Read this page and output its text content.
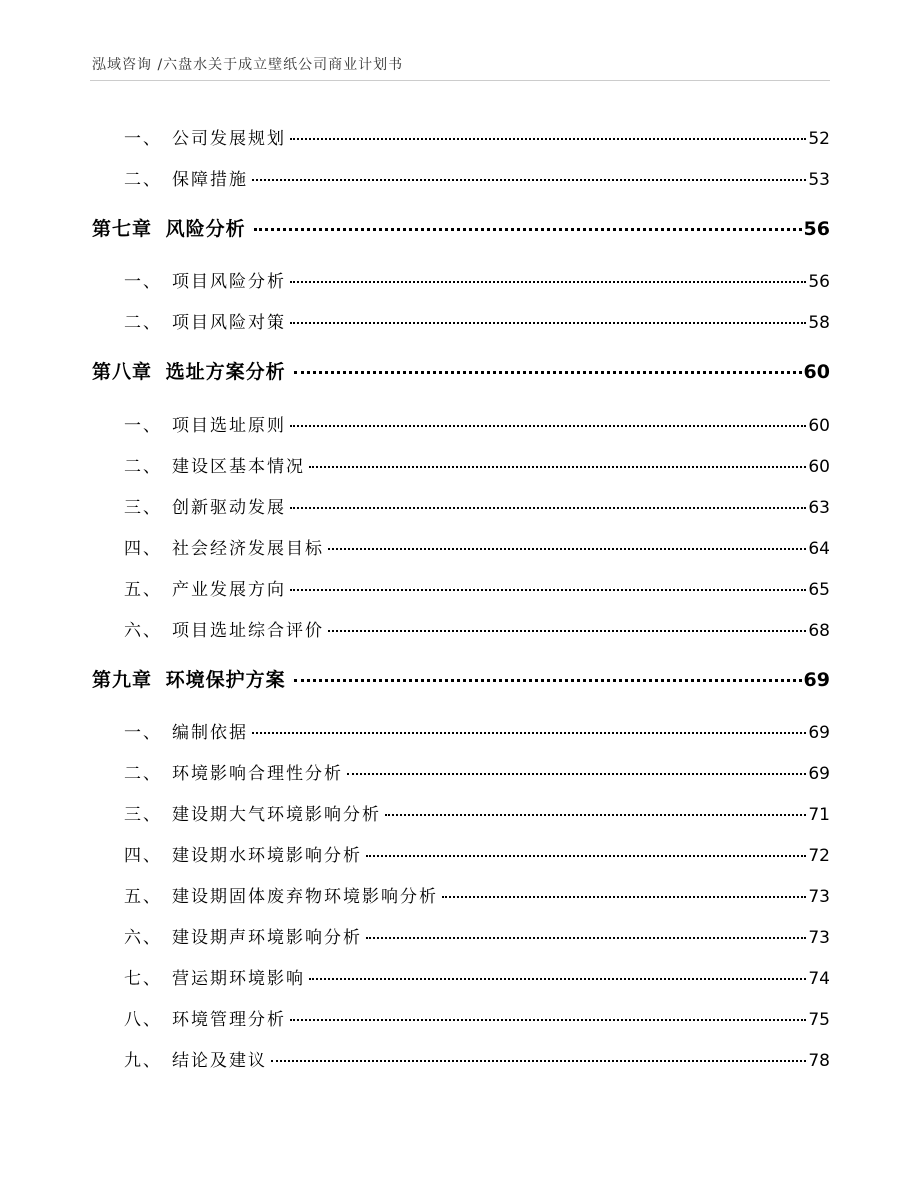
泓域咨询 /六盘水关于成立壁纸公司商业计划书
一、 公司发展规划	52
二、 保障措施	53
第七章 风险分析	56
一、 项目风险分析	56
二、 项目风险对策	58
第八章 选址方案分析	60
一、 项目选址原则	60
二、 建设区基本情况	60
三、 创新驱动发展	63
四、 社会经济发展目标	64
五、 产业发展方向	65
六、 项目选址综合评价	68
第九章 环境保护方案	69
一、 编制依据	69
二、 环境影响合理性分析	69
三、 建设期大气环境影响分析	71
四、 建设期水环境影响分析	72
五、 建设期固体废弃物环境影响分析	73
六、 建设期声环境影响分析	73
七、 营运期环境影响	74
八、 环境管理分析	75
九、 结论及建议	78
